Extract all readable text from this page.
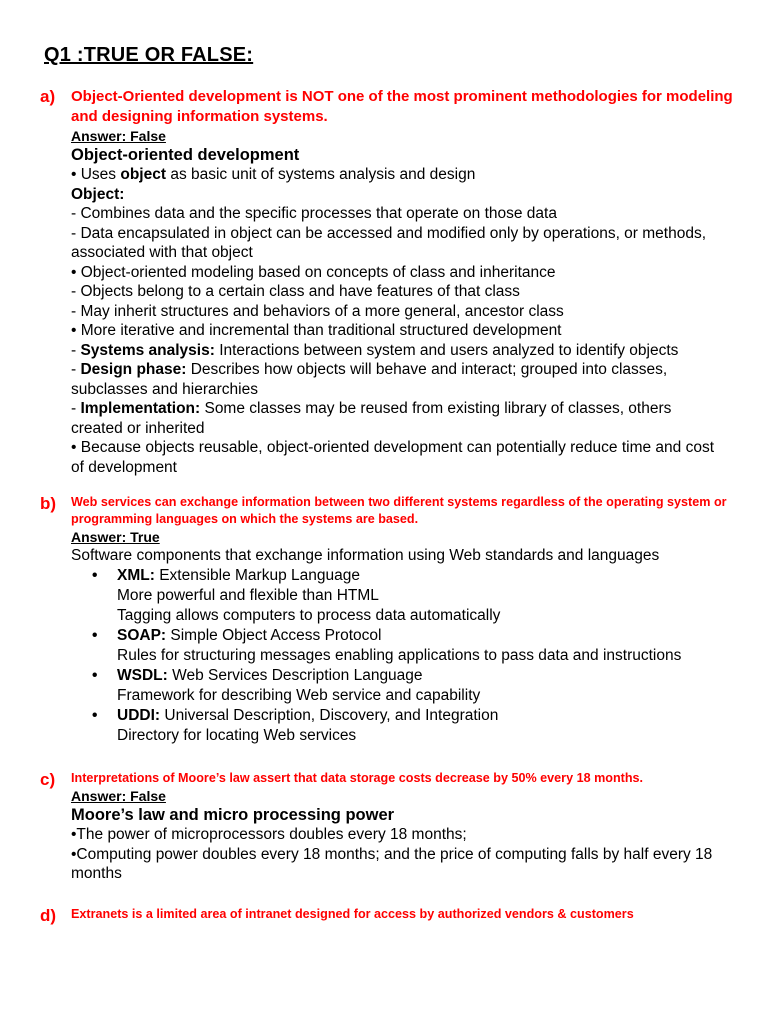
Q1 :TRUE OR FALSE:
a) Object-Oriented development is NOT one of the most prominent methodologies for modeling and designing information systems.
Answer: False
Object-oriented development
• Uses object as basic unit of systems analysis and design
Object:
- Combines data and the specific processes that operate on those data
- Data encapsulated in object can be accessed and modified only by operations, or methods, associated with that object
• Object-oriented modeling based on concepts of class and inheritance
- Objects belong to a certain class and have features of that class
- May inherit structures and behaviors of a more general, ancestor class
• More iterative and incremental than traditional structured development
- Systems analysis: Interactions between system and users analyzed to identify objects
- Design phase: Describes how objects will behave and interact; grouped into classes, subclasses and hierarchies
- Implementation: Some classes may be reused from existing library of classes, others created or inherited
• Because objects reusable, object-oriented development can potentially reduce time and cost of development
b) Web services can exchange information between two different systems regardless of the operating system or programming languages on which the systems are based.
Answer: True
Software components that exchange information using Web standards and languages
• XML: Extensible Markup Language
More powerful and flexible than HTML
Tagging allows computers to process data automatically
• SOAP: Simple Object Access Protocol
Rules for structuring messages enabling applications to pass data and instructions
• WSDL: Web Services Description Language
Framework for describing Web service and capability
• UDDI: Universal Description, Discovery, and Integration
Directory for locating Web services
c) Interpretations of Moore’s law assert that data storage costs decrease by 50% every 18 months.
Answer: False
Moore’s law and micro processing power
•The power of microprocessors doubles every 18 months;
•Computing power doubles every 18 months; and the price of computing falls by half every 18 months
d) Extranets is a limited area of intranet designed for access by authorized vendors & customers
